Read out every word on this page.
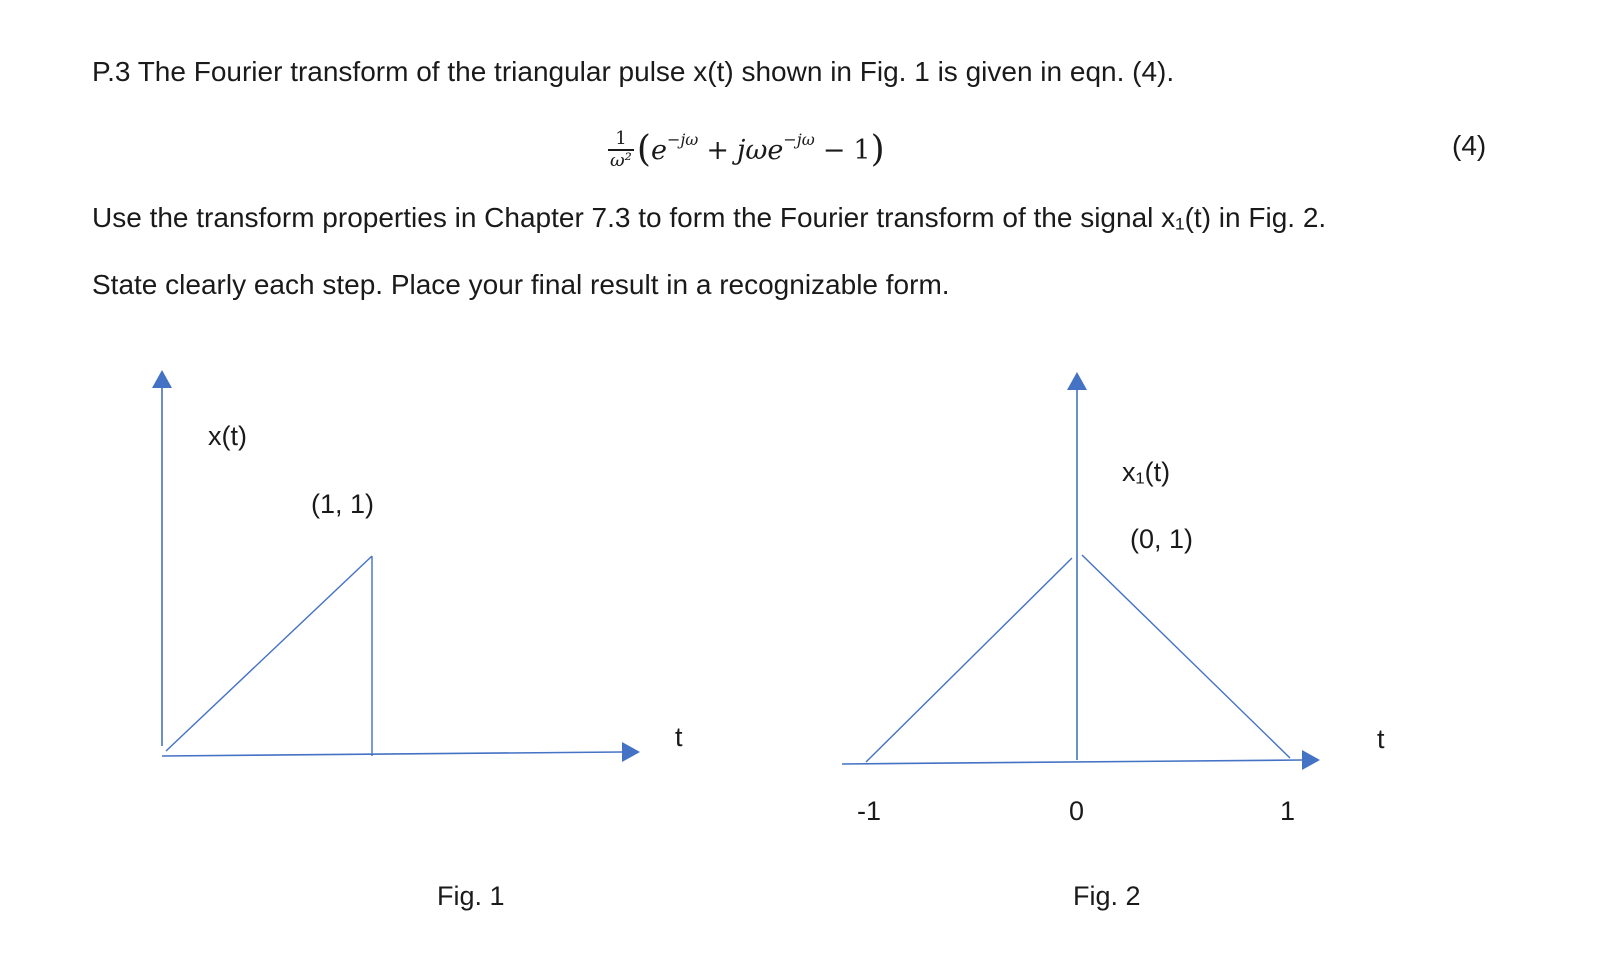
P.3 The Fourier transform of the triangular pulse x(t) shown in Fig. 1 is given in eqn. (4).
$\frac{1}{\text{ω²}}$ ( e −jω + jωe −jω − 1 )	(4)
Use the transform properties in Chapter 7.3 to form the Fourier transform of the signal x₁(t) in Fig. 2.
State clearly each step. Place your final result in a recognizable form.
x(t)
(1, 1)
t
Fig. 1
x₁(t)
(0, 1)
t
-1	0	1
Fig. 2
